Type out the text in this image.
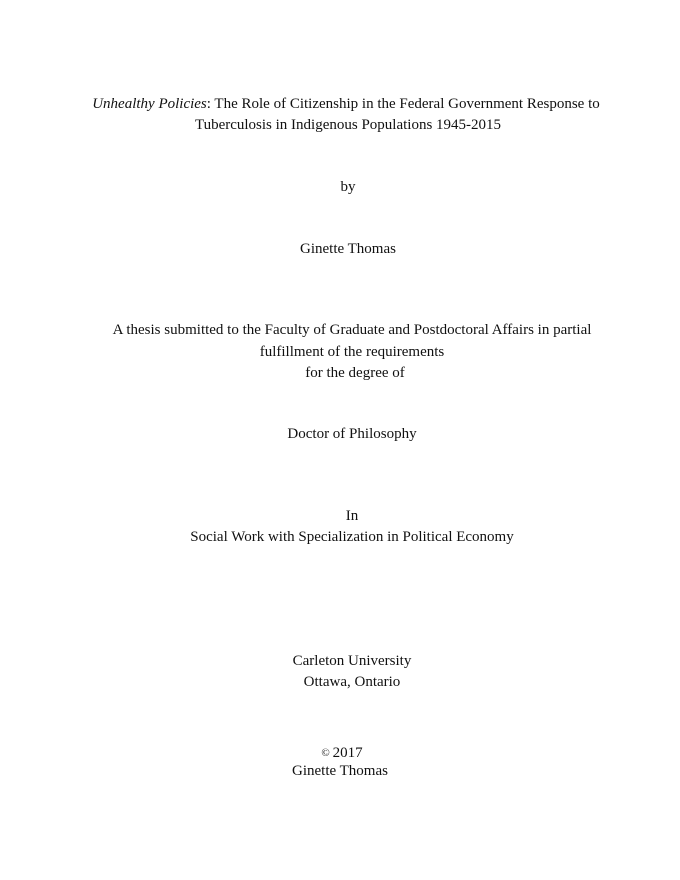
Unhealthy Policies: The Role of Citizenship in the Federal Government Response to
Tuberculosis in Indigenous Populations 1945-2015
by
Ginette Thomas
A thesis submitted to the Faculty of Graduate and Postdoctoral Affairs in partial
fulfillment of the requirements
for the degree of
Doctor of Philosophy
In
Social Work with Specialization in Political Economy
Carleton University
Ottawa, Ontario
© 2017
Ginette Thomas
